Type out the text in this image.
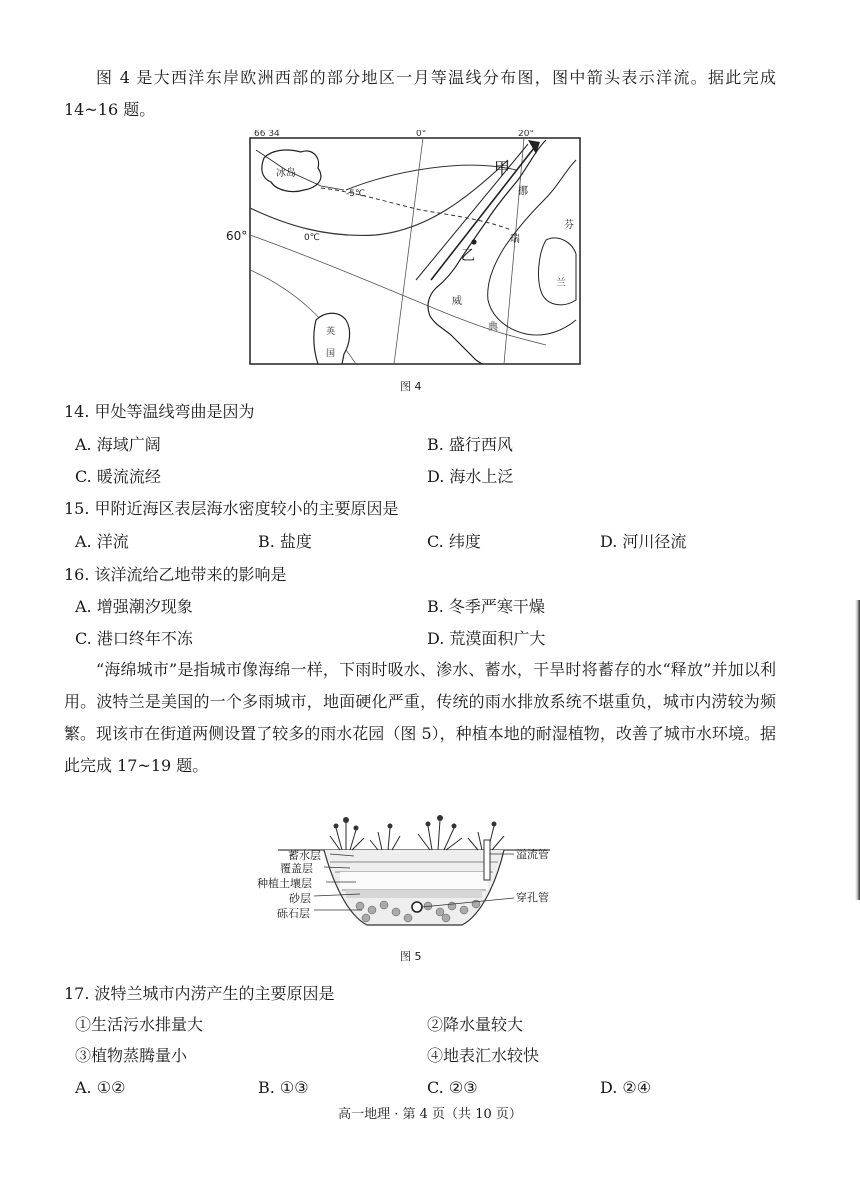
图 4 是大西洋东岸欧洲西部的部分地区一月等温线分布图，图中箭头表示洋流。据此完成 14~16 题。
66 34	0°	20°
冰岛
-5℃
0℃
甲
乙
英
国
挪
威
瑞
典
芬
兰
60°
图 4
14. 甲处等温线弯曲是因为
A. 海域广阔	B. 盛行西风
C. 暖流流经	D. 海水上泛
15. 甲附近海区表层海水密度较小的主要原因是
A. 洋流	B. 盐度	C. 纬度	D. 河川径流
16. 该洋流给乙地带来的影响是
A. 增强潮汐现象	B. 冬季严寒干燥
C. 港口终年不冻	D. 荒漠面积广大
“海绵城市”是指城市像海绵一样，下雨时吸水、渗水、蓄水，干旱时将蓄存的水“释放”并加以利用。波特兰是美国的一个多雨城市，地面硬化严重，传统的雨水排放系统不堪重负，城市内涝较为频繁。现该市在街道两侧设置了较多的雨水花园（图 5），种植本地的耐湿植物，改善了城市水环境。据此完成 17~19 题。
蓄水层
覆盖层
种植土壤层
砂层
砾石层
溢流管
穿孔管
图 5
17. 波特兰城市内涝产生的主要原因是
①生活污水排量大	②降水量较大
③植物蒸腾量小	④地表汇水较快
A. ①②	B. ①③	C. ②③	D. ②④
高一地理 · 第 4 页（共 10 页）
